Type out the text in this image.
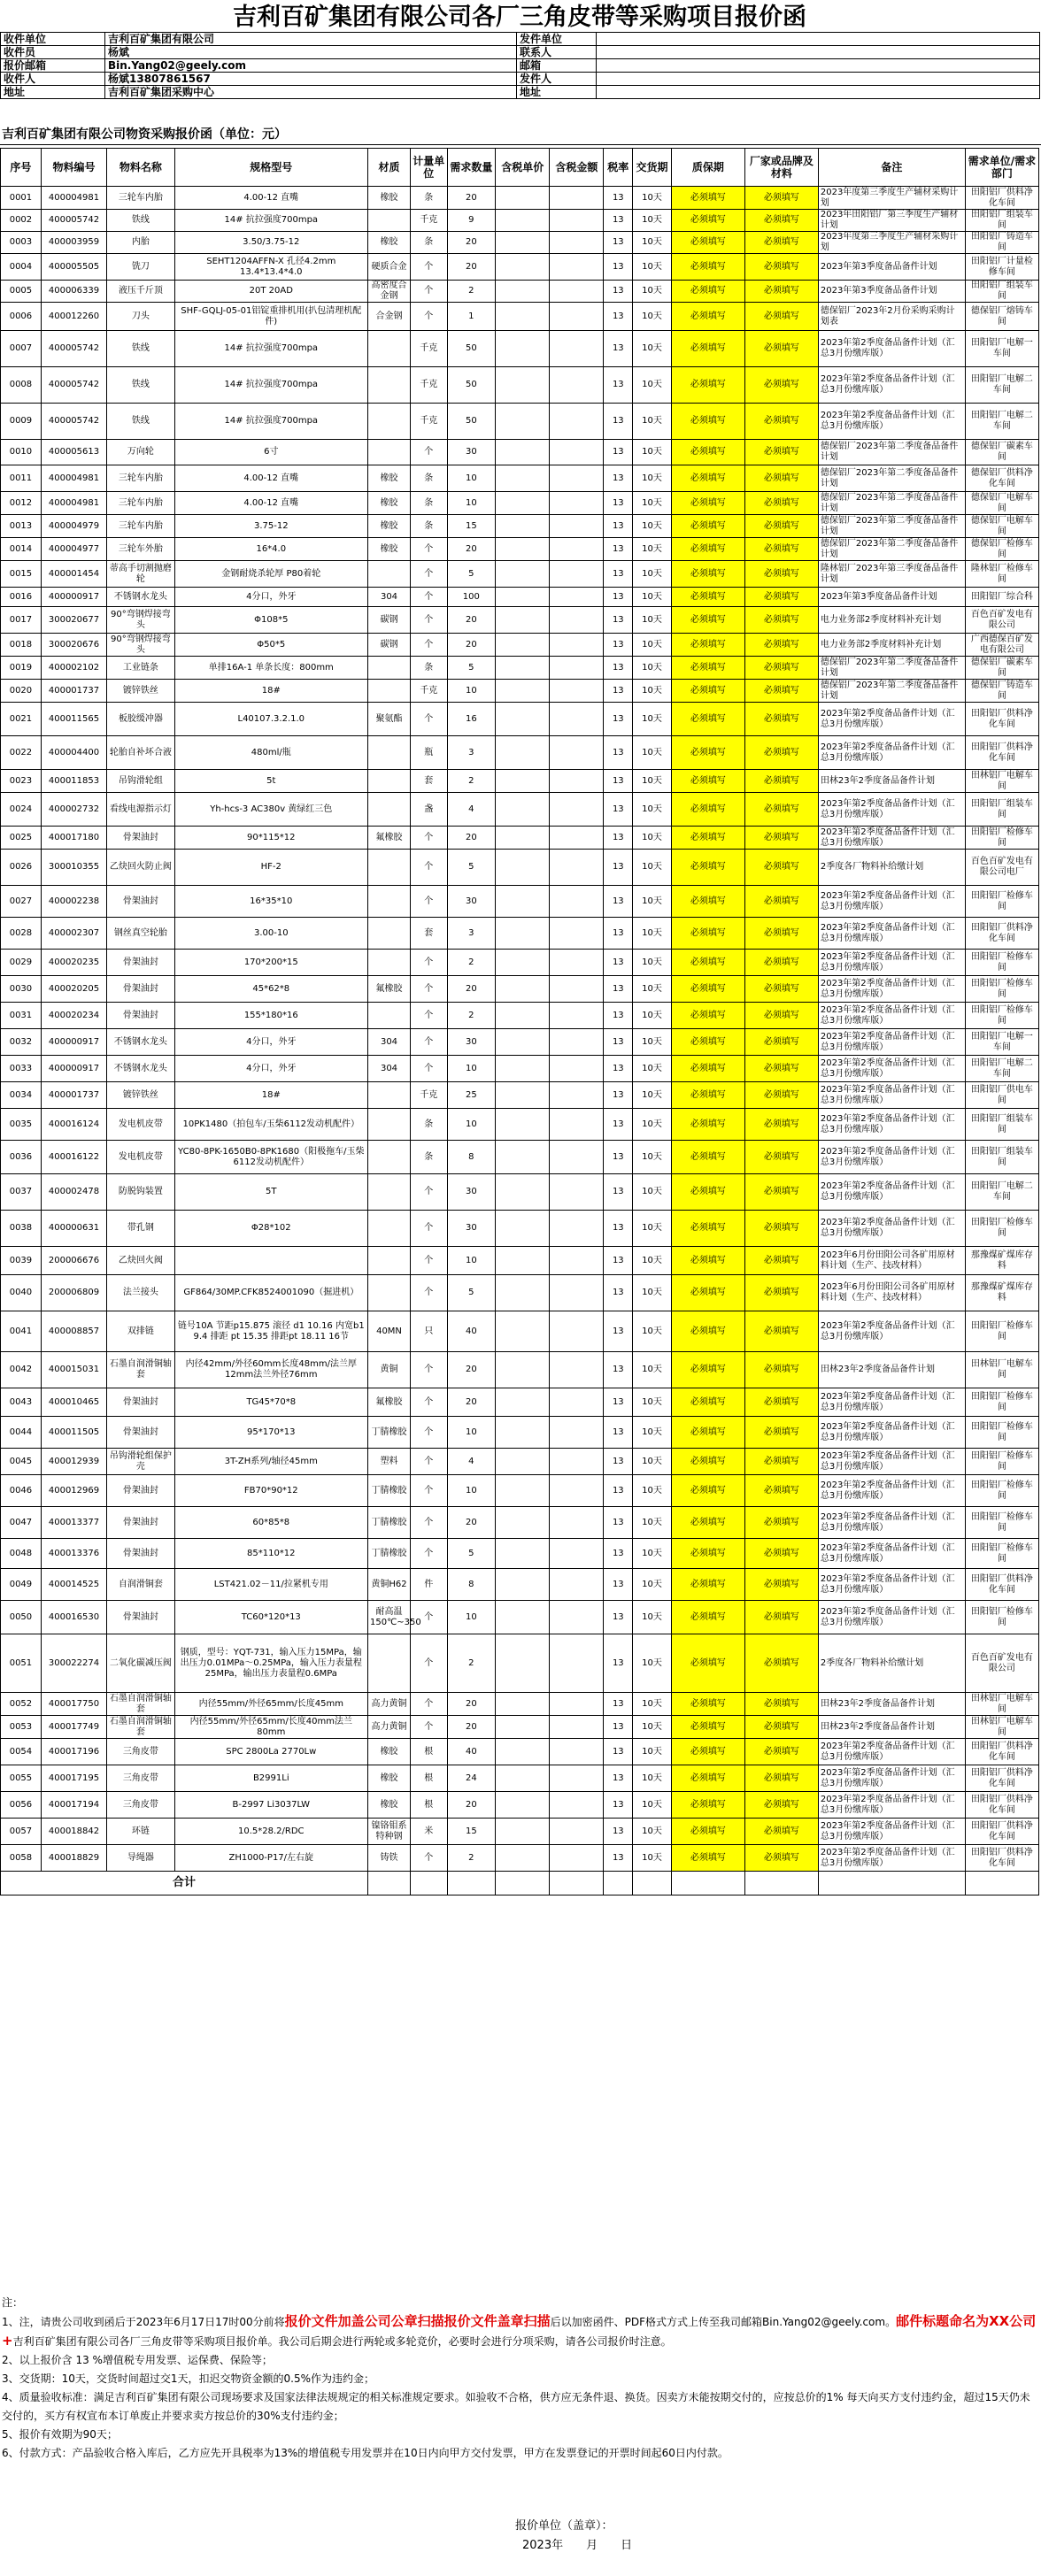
吉利百矿集团有限公司各厂三角皮带等采购项目报价函
收件单位	吉利百矿集团有限公司	发件单位	
收件员	杨斌	联系人	
报价邮箱	Bin.Yang02@geely.com	邮箱	
收件人	杨斌13807861567	发件人	
地址	吉利百矿集团采购中心	地址	
吉利百矿集团有限公司物资采购报价函（单位：元）
序号	物料编号	物料名称	规格型号	材质	计量单位	需求数量	含税单价	含税金额	税率	交货期	质保期	厂家或品牌及材料	备注	需求单位/需求部门
0001	400004981	三轮车内胎	4.00-12 直嘴	橡胶	条	20			13	10天	必须填写	必须填写	2023年度第三季度生产辅材采购计划	田阳铝厂供料净化车间
0002	400005742	铁线	14# 抗拉强度700mpa		千克	9			13	10天	必须填写	必须填写	2023年田阳铝厂第三季度生产辅材计划	田阳铝厂组装车间
0003	400003959	内胎	3.50/3.75-12	橡胶	条	20			13	10天	必须填写	必须填写	2023年度第三季度生产辅材采购计划	田阳铝厂铸造车间
0004	400005505	铣刀	SEHT1204AFFN-X 孔径4.2mm 13.4*13.4*4.0	硬质合金	个	20			13	10天	必须填写	必须填写	2023年第3季度备品备件计划	田阳铝厂计量检修车间
0005	400006339	液压千斤顶	20T 20AD	高密度合金钢	个	2			13	10天	必须填写	必须填写	2023年第3季度备品备件计划	田阳铝厂组装车间
0006	400012260	刀头	SHF-GQLJ-05-01铝锭重排机用(扒包清理机配件)	合金钢	个	1			13	10天	必须填写	必须填写	德保铝厂2023年2月份采购采购计划表	德保铝厂熔铸车间
0007	400005742	铁线	14# 抗拉强度700mpa		千克	50			13	10天	必须填写	必须填写	2023年第2季度备品备件计划（汇总3月份缴库版）	田阳铝厂电解一车间
0008	400005742	铁线	14# 抗拉强度700mpa		千克	50			13	10天	必须填写	必须填写	2023年第2季度备品备件计划（汇总3月份缴库版）	田阳铝厂电解二车间
0009	400005742	铁线	14# 抗拉强度700mpa		千克	50			13	10天	必须填写	必须填写	2023年第2季度备品备件计划（汇总3月份缴库版）	田阳铝厂电解二车间
0010	400005613	万向轮	6寸		个	30			13	10天	必须填写	必须填写	德保铝厂2023年第二季度备品备件计划	德保铝厂碳素车间
0011	400004981	三轮车内胎	4.00-12 直嘴	橡胶	条	10			13	10天	必须填写	必须填写	德保铝厂2023年第二季度备品备件计划	德保铝厂供料净化车间
0012	400004981	三轮车内胎	4.00-12 直嘴	橡胶	条	10			13	10天	必须填写	必须填写	德保铝厂2023年第二季度备品备件计划	德保铝厂电解车间
0013	400004979	三轮车内胎	3.75-12	橡胶	条	15			13	10天	必须填写	必须填写	德保铝厂2023年第二季度备品备件计划	德保铝厂电解车间
0014	400004977	三轮车外胎	16*4.0	橡胶	个	20			13	10天	必须填写	必须填写	德保铝厂2023年第二季度备品备件计划	德保铝厂检修车间
0015	400001454	蒂高手切割抛磨轮	金钢耐烧杀轮厚 P80着轮		个	5			13	10天	必须填写	必须填写	隆林铝厂2023年第三季度备品备件计划	隆林铝厂检修车间
0016	400000917	不锈钢水龙头	4分口，外牙	304	个	100			13	10天	必须填写	必须填写	2023年第3季度备品备件计划	田阳铝厂综合科
0017	300020677	90°弯钢焊接弯头	Φ108*5	碳钢	个	20			13	10天	必须填写	必须填写	电力业务部2季度材料补充计划	百色百矿发电有限公司
0018	300020676	90°弯钢焊接弯头	Φ50*5	碳钢	个	20			13	10天	必须填写	必须填写	电力业务部2季度材料补充计划	广西德保百矿发电有限公司
0019	400002102	工业链条	单排16A-1 单条长度：800mm		条	5			13	10天	必须填写	必须填写	德保铝厂2023年第二季度备品备件计划	德保铝厂碳素车间
0020	400001737	镀锌铁丝	18#		千克	10			13	10天	必须填写	必须填写	德保铝厂2023年第二季度备品备件计划	德保铝厂铸造车间
0021	400011565	板胶缓冲器	L40107.3.2.1.0	聚氨酯	个	16			13	10天	必须填写	必须填写	2023年第2季度备品备件计划（汇总3月份缴库版）	田阳铝厂供料净化车间
0022	400004400	轮胎自补坏合液	480ml/瓶		瓶	3			13	10天	必须填写	必须填写	2023年第2季度备品备件计划（汇总3月份缴库版）	田阳铝厂供料净化车间
0023	400011853	吊钩滑轮组	5t		套	2			13	10天	必须填写	必须填写	田林23年2季度备品备件计划	田林铝厂电解车间
0024	400002732	看线电源指示灯	Yh-hcs-3 AC380v 黄绿红三色		盏	4			13	10天	必须填写	必须填写	2023年第2季度备品备件计划（汇总3月份缴库版）	田阳铝厂组装车间
0025	400017180	骨架油封	90*115*12	氟橡胶	个	20			13	10天	必须填写	必须填写	2023年第2季度备品备件计划（汇总3月份缴库版）	田阳铝厂检修车间
0026	300010355	乙炔回火防止阀	HF-2		个	5			13	10天	必须填写	必须填写	2季度各厂物料补给缴计划	百色百矿发电有限公司电厂
0027	400002238	骨架油封	16*35*10		个	30			13	10天	必须填写	必须填写	2023年第2季度备品备件计划（汇总3月份缴库版）	田阳铝厂检修车间
0028	400002307	钢丝真空轮胎	3.00-10		套	3			13	10天	必须填写	必须填写	2023年第2季度备品备件计划（汇总3月份缴库版）	田阳铝厂供料净化车间
0029	400020235	骨架油封	170*200*15		个	2			13	10天	必须填写	必须填写	2023年第2季度备品备件计划（汇总3月份缴库版）	田阳铝厂检修车间
0030	400020205	骨架油封	45*62*8	氟橡胶	个	20			13	10天	必须填写	必须填写	2023年第2季度备品备件计划（汇总3月份缴库版）	田阳铝厂检修车间
0031	400020234	骨架油封	155*180*16		个	2			13	10天	必须填写	必须填写	2023年第2季度备品备件计划（汇总3月份缴库版）	田阳铝厂检修车间
0032	400000917	不锈钢水龙头	4分口，外牙	304	个	30			13	10天	必须填写	必须填写	2023年第2季度备品备件计划（汇总3月份缴库版）	田阳铝厂电解一车间
0033	400000917	不锈钢水龙头	4分口，外牙	304	个	10			13	10天	必须填写	必须填写	2023年第2季度备品备件计划（汇总3月份缴库版）	田阳铝厂电解二车间
0034	400001737	镀锌铁丝	18#		千克	25			13	10天	必须填写	必须填写	2023年第2季度备品备件计划（汇总3月份缴库版）	田阳铝厂供电车间
0035	400016124	发电机皮带	10PK1480（拍包车/玉柴6112发动机配件）		条	10			13	10天	必须填写	必须填写	2023年第2季度备品备件计划（汇总3月份缴库版）	田阳铝厂组装车间
0036	400016122	发电机皮带	YC80-8PK-1650B0-8PK1680（阳极拖车/玉柴6112发动机配件）		条	8			13	10天	必须填写	必须填写	2023年第2季度备品备件计划（汇总3月份缴库版）	田阳铝厂组装车间
0037	400002478	防脱钩装置	5T		个	30			13	10天	必须填写	必须填写	2023年第2季度备品备件计划（汇总3月份缴库版）	田阳铝厂电解二车间
0038	400000631	带孔钢	Φ28*102		个	30			13	10天	必须填写	必须填写	2023年第2季度备品备件计划（汇总3月份缴库版）	田阳铝厂检修车间
0039	200006676	乙炔回火阀			个	10			13	10天	必须填写	必须填写	2023年6月份田阳公司各矿用原材料计划（生产、技改材料）	那豫煤矿煤库存料
0040	200006809	法兰接头	GF864/30MP.CFK8524001090（掘进机）		个	5			13	10天	必须填写	必须填写	2023年6月份田阳公司各矿用原材料计划（生产、技改材料）	那豫煤矿煤库存料
0041	400008857	双排链	链号10A 节距p15.875 滚径 d1 10.16 内宽b1 9.4 排距 pt 15.35 排距pt 18.11 16节	40MN	只	40			13	10天	必须填写	必须填写	2023年第2季度备品备件计划（汇总3月份缴库版）	田阳铝厂检修车间
0042	400015031	石墨自润滑铜轴套	内径42mm/外径60mm长度48mm/法兰厚12mm法兰外径76mm	黄铜	个	20			13	10天	必须填写	必须填写	田林23年2季度备品备件计划	田林铝厂电解车间
0043	400010465	骨架油封	TG45*70*8	氟橡胶	个	20			13	10天	必须填写	必须填写	2023年第2季度备品备件计划（汇总3月份缴库版）	田阳铝厂检修车间
0044	400011505	骨架油封	95*170*13	丁腈橡胶	个	10			13	10天	必须填写	必须填写	2023年第2季度备品备件计划（汇总3月份缴库版）	田阳铝厂检修车间
0045	400012939	吊钩滑轮组保护壳	3T-ZH系列/轴径45mm	塑料	个	4			13	10天	必须填写	必须填写	2023年第2季度备品备件计划（汇总3月份缴库版）	田阳铝厂检修车间
0046	400012969	骨架油封	FB70*90*12	丁腈橡胶	个	10			13	10天	必须填写	必须填写	2023年第2季度备品备件计划（汇总3月份缴库版）	田阳铝厂检修车间
0047	400013377	骨架油封	60*85*8	丁腈橡胶	个	20			13	10天	必须填写	必须填写	2023年第2季度备品备件计划（汇总3月份缴库版）	田阳铝厂检修车间
0048	400013376	骨架油封	85*110*12	丁腈橡胶	个	5			13	10天	必须填写	必须填写	2023年第2季度备品备件计划（汇总3月份缴库版）	田阳铝厂检修车间
0049	400014525	自润滑铜套	LST421.02－11/拉紧机专用	黄铜H62	件	8			13	10天	必须填写	必须填写	2023年第2季度备品备件计划（汇总3月份缴库版）	田阳铝厂供料净化车间
0050	400016530	骨架油封	TC60*120*13	耐高温150℃~350	个	10			13	10天	必须填写	必须填写	2023年第2季度备品备件计划（汇总3月份缴库版）	田阳铝厂检修车间
0051	300022274	二氧化碳减压阀	钢质，型号：YQT-731，输入压力15MPa，输出压力0.01MPa～0.25MPa，输入压力表量程25MPa，输出压力表量程0.6MPa		个	2			13	10天	必须填写	必须填写	2季度各厂物料补给缴计划	百色百矿发电有限公司
0052	400017750	石墨自润滑铜轴套	内径55mm/外径65mm/长度45mm	高力黄铜	个	20			13	10天	必须填写	必须填写	田林23年2季度备品备件计划	田林铝厂电解车间
0053	400017749	石墨自润滑铜轴套	内径55mm/外径65mm/长度40mm法兰80mm	高力黄铜	个	20			13	10天	必须填写	必须填写	田林23年2季度备品备件计划	田林铝厂电解车间
0054	400017196	三角皮带	SPC 2800La 2770Lw	橡胶	根	40			13	10天	必须填写	必须填写	2023年第2季度备品备件计划（汇总3月份缴库版）	田阳铝厂供料净化车间
0055	400017195	三角皮带	B2991Li	橡胶	根	24			13	10天	必须填写	必须填写	2023年第2季度备品备件计划（汇总3月份缴库版）	田阳铝厂供料净化车间
0056	400017194	三角皮带	B-2997 Li3037LW	橡胶	根	20			13	10天	必须填写	必须填写	2023年第2季度备品备件计划（汇总3月份缴库版）	田阳铝厂供料净化车间
0057	400018842	环链	10.5*28.2/RDC	镍铬钼系特种钢	米	15			13	10天	必须填写	必须填写	2023年第2季度备品备件计划（汇总3月份缴库版）	田阳铝厂供料净化车间
0058	400018829	导绳器	ZH1000-P17/左右旋	铸铁	个	2			13	10天	必须填写	必须填写	2023年第2季度备品备件计划（汇总3月份缴库版）	田阳铝厂供料净化车间
合计														

注：

1、注，请贵公司收到函后于2023年6月17日17时00分前将报价文件加盖公司公章扫描报价文件盖章扫描后以加密函件、PDF格式方式上传至我司邮箱Bin.Yang02@geely.com。邮件标题命名为XX公司+吉利百矿集团有限公司各厂三角皮带等采购项目报价单。我公司后期会进行两轮或多轮竞价，必要时会进行分项采购，请各公司报价时注意。

2、以上报价含 13 %增值税专用发票、运保费、保险等；

3、交货期：10天，交货时间超过交1天，扣迟交物资金额的0.5%作为违约金；

4、质量验收标准：满足吉利百矿集团有限公司现场要求及国家法律法规规定的相关标准规定要求。如验收不合格，供方应无条件退、换货。因卖方未能按期交付的，应按总价的1% 每天向买方支付违约金，超过15天仍未交付的，买方有权宣布本订单废止并要求卖方按总价的30%支付违约金；

5、报价有效期为90天；

6、付款方式：产品验收合格入库后，乙方应先开具税率为13%的增值税专用发票并在10日内向甲方交付发票，甲方在发票登记的开票时间起60日内付款。

报价单位（盖章）：
2023年　　月　　日
